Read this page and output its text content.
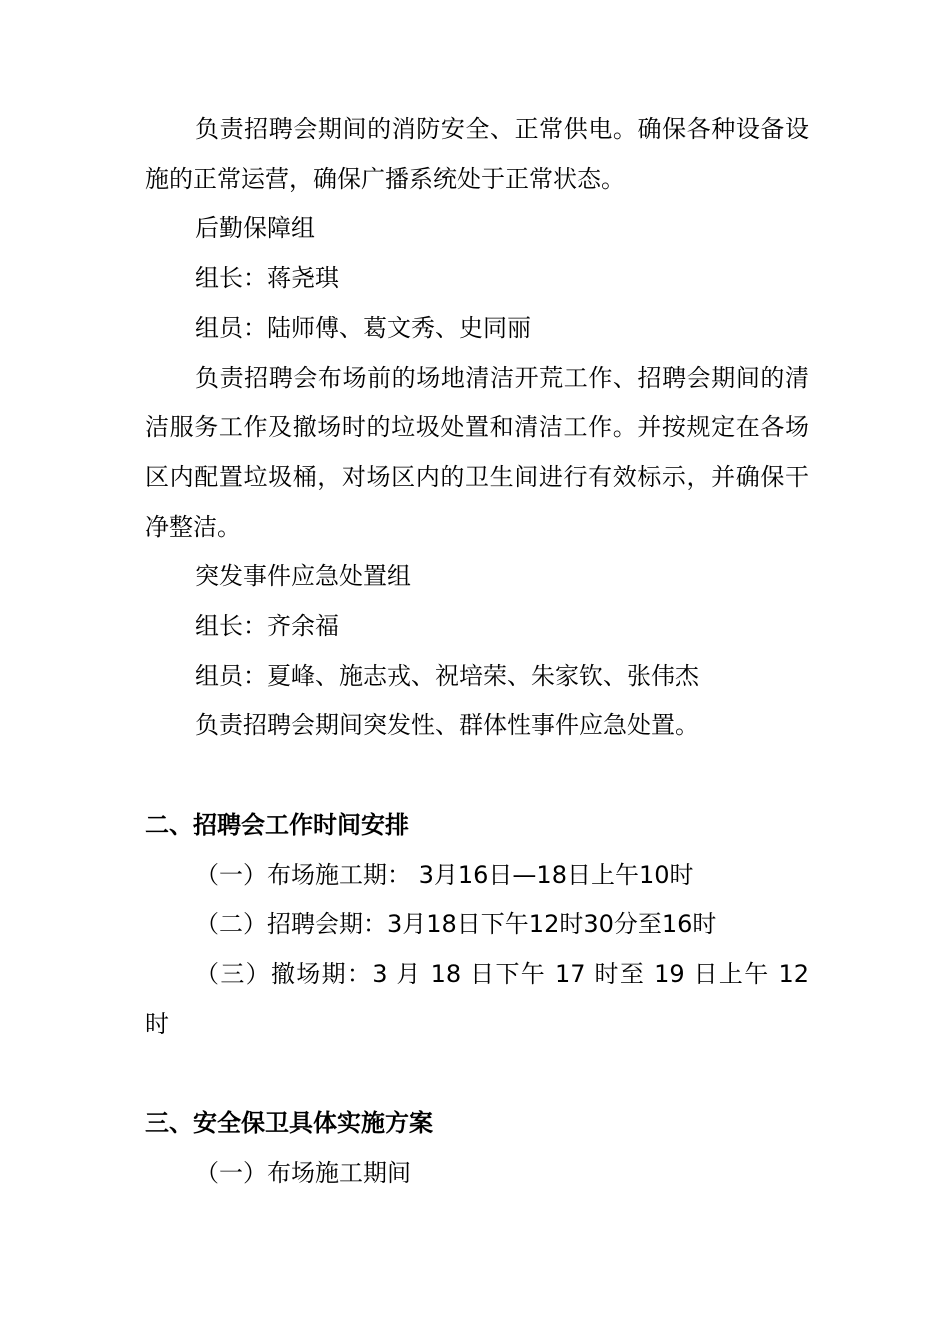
负责招聘会期间的消防安全、正常供电。确保各种设备设施的正常运营，确保广播系统处于正常状态。

后勤保障组

组长：蒋尧琪

组员：陆师傅、葛文秀、史同丽

负责招聘会布场前的场地清洁开荒工作、招聘会期间的清洁服务工作及撤场时的垃圾处置和清洁工作。并按规定在各场区内配置垃圾桶，对场区内的卫生间进行有效标示，并确保干净整洁。

突发事件应急处置组

组长：齐余福

组员：夏峰、施志戎、祝培荣、朱家钦、张伟杰

负责招聘会期间突发性、群体性事件应急处置。

二、招聘会工作时间安排

（一）布场施工期： 3月16日—18日上午10时

（二）招聘会期：3月18日下午12时30分至16时

（三）撤场期：3 月 18 日下午 17 时至 19 日上午 12 时

三、安全保卫具体实施方案

（一）布场施工期间
